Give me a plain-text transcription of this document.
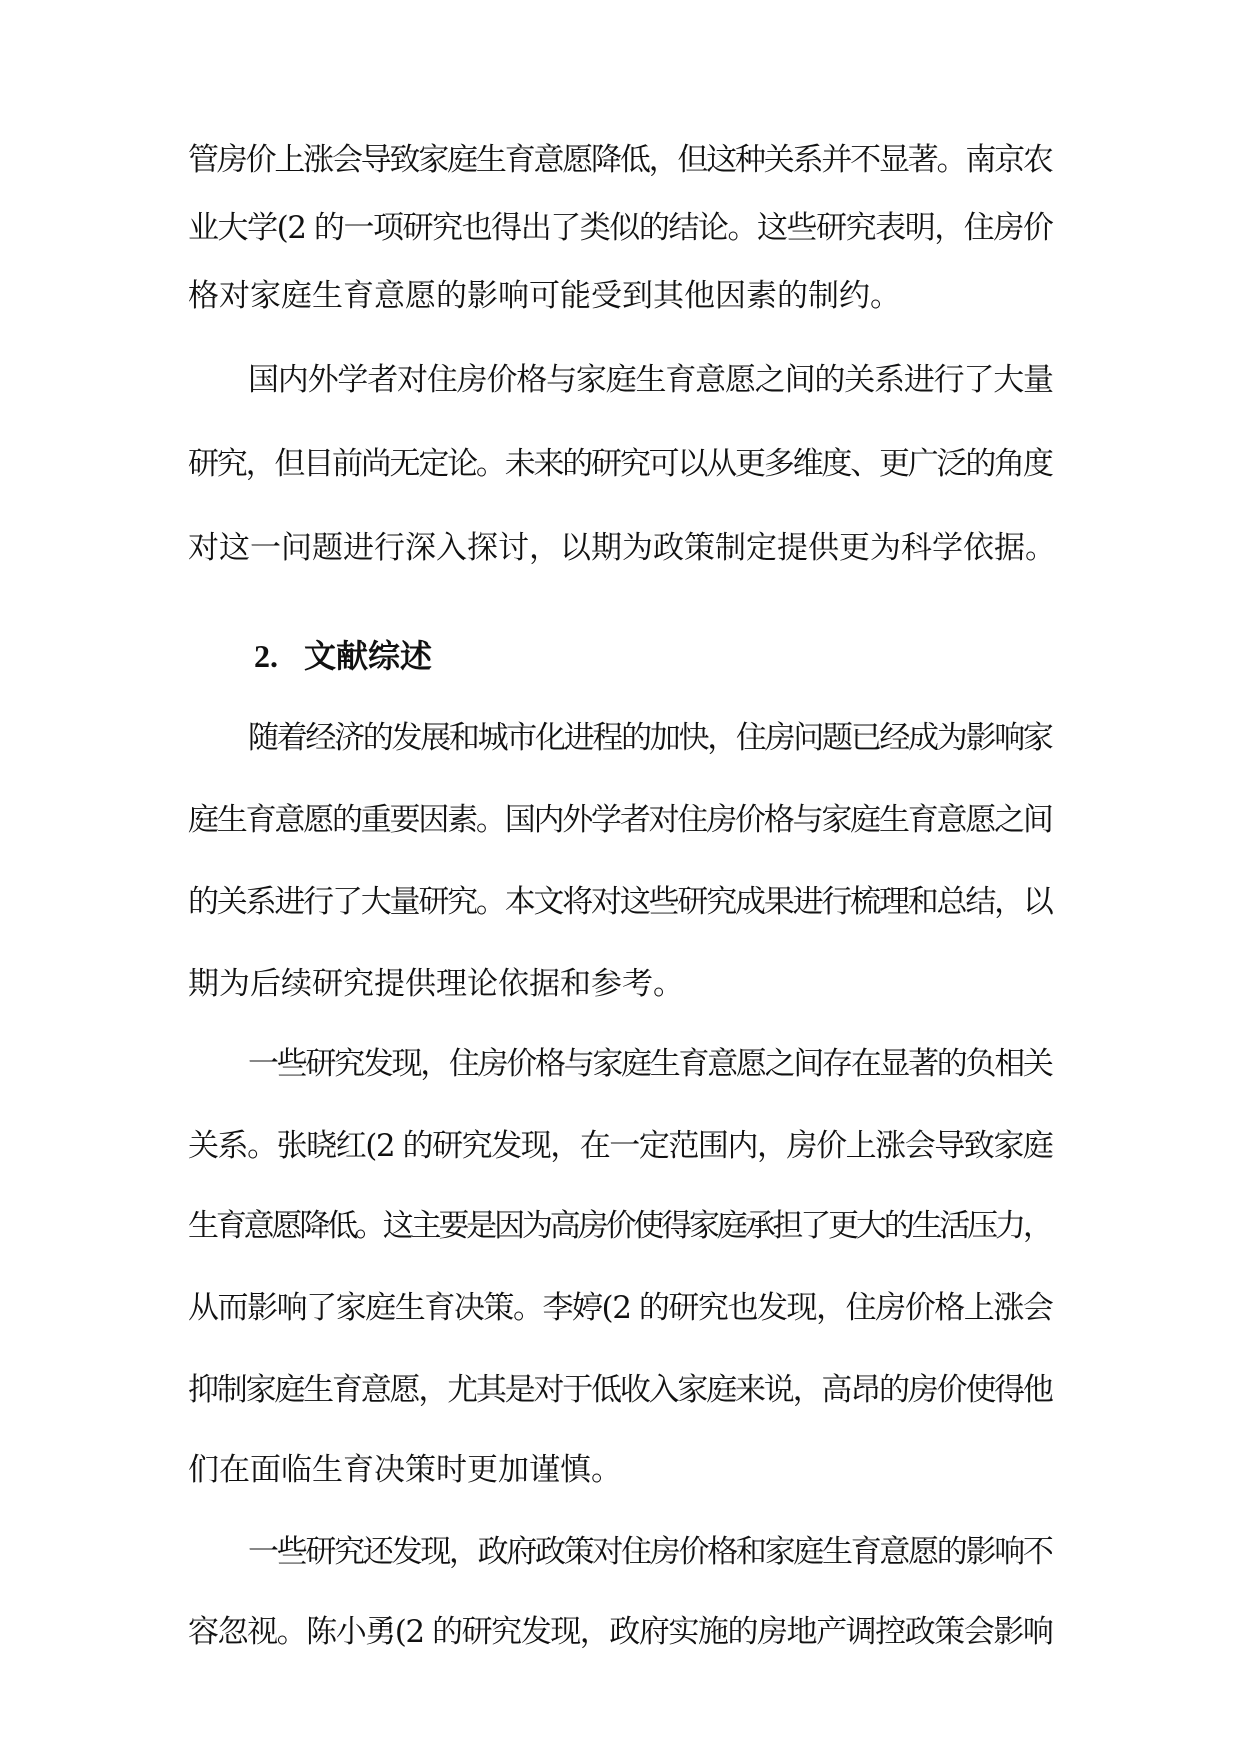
管房价上涨会导致家庭生育意愿降低，但这种关系并不显著。南京农
业大学(2 的一项研究也得出了类似的结论。这些研究表明，住房价
格对家庭生育意愿的影响可能受到其他因素的制约。
国内外学者对住房价格与家庭生育意愿之间的关系进行了大量
研究，但目前尚无定论。未来的研究可以从更多维度、更广泛的角度
对这一问题进行深入探讨，以期为政策制定提供更为科学依据。
2. 文献综述
随着经济的发展和城市化进程的加快，住房问题已经成为影响家
庭生育意愿的重要因素。国内外学者对住房价格与家庭生育意愿之间
的关系进行了大量研究。本文将对这些研究成果进行梳理和总结，以
期为后续研究提供理论依据和参考。
一些研究发现，住房价格与家庭生育意愿之间存在显著的负相关
关系。张晓红(2 的研究发现，在一定范围内，房价上涨会导致家庭
生育意愿降低。这主要是因为高房价使得家庭承担了更大的生活压力，
从而影响了家庭生育决策。李婷(2 的研究也发现，住房价格上涨会
抑制家庭生育意愿，尤其是对于低收入家庭来说，高昂的房价使得他
们在面临生育决策时更加谨慎。
一些研究还发现，政府政策对住房价格和家庭生育意愿的影响不
容忽视。陈小勇(2 的研究发现，政府实施的房地产调控政策会影响
